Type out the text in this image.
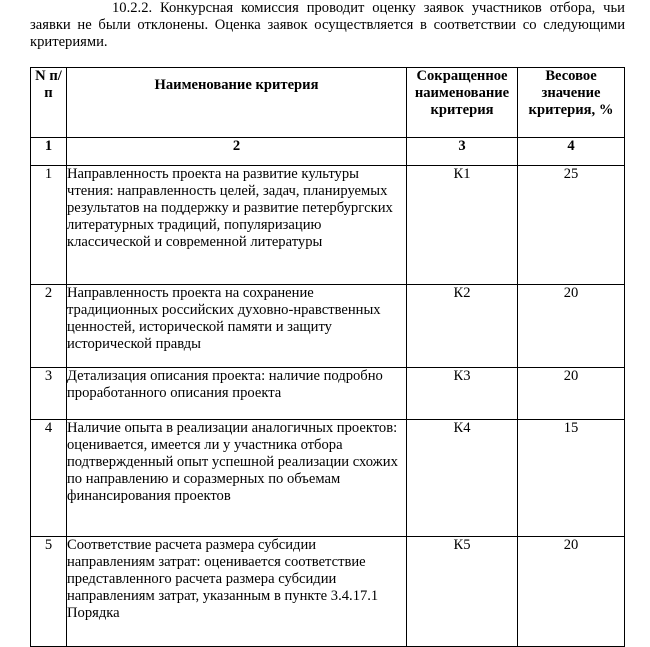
10.2.2. Конкурсная комиссия проводит оценку заявок участников отбора, чьи заявки не были отклонены. Оценка заявок осуществляется в соответствии со следующими критериями.

N п/п	Наименование критерия	Сокращенное наименование критерия	Весовое значение критерия, %
1	2	3	4
1	Направленность проекта на развитие культуры чтения: направленность целей, задач, планируемых результатов на поддержку и развитие петербургских литературных традиций, популяризацию классической и современной литературы	К1	25
2	Направленность проекта на сохранение традиционных российских духовно-нравственных ценностей, исторической памяти и защиту исторической правды	К2	20
3	Детализация описания проекта: наличие подробно проработанного описания проекта	К3	20
4	Наличие опыта в реализации аналогичных проектов: оценивается, имеется ли у участника отбора подтвержденный опыт успешной реализации схожих по направлению и соразмерных по объемам финансирования проектов	К4	15
5	Соответствие расчета размера субсидии направлениям затрат: оценивается соответствие представленного расчета размера субсидии направлениям затрат, указанным в пункте 3.4.17.1 Порядка	К5	20
